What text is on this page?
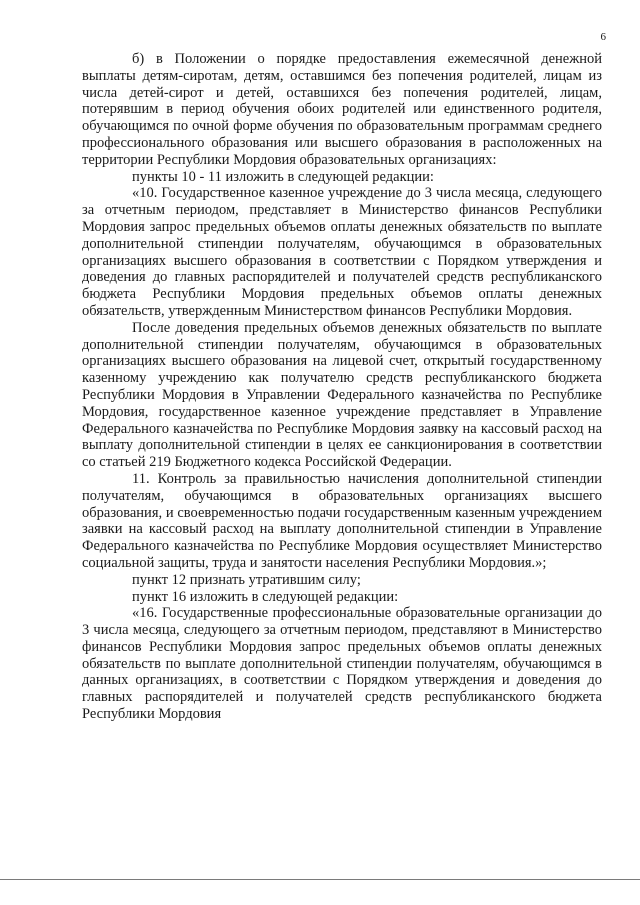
6

б) в Положении о порядке предоставления ежемесячной денежной выплаты детям-сиротам, детям, оставшимся без попечения родителей, лицам из числа детей-сирот и детей, оставшихся без попечения родителей, лицам, потерявшим в период обучения обоих родителей или единственного родителя, обучающимся по очной форме обучения по образовательным программам среднего профессионального образования или высшего образования в расположенных на территории Республики Мордовия образовательных организациях:

пункты 10 - 11 изложить в следующей редакции:

«10. Государственное казенное учреждение до 3 числа месяца, следующего за отчетным периодом, представляет в Министерство финансов Республики Мордовия запрос предельных объемов оплаты денежных обязательств по выплате дополнительной стипендии получателям, обучающимся в образовательных организациях высшего образования в соответствии с Порядком утверждения и доведения до главных распорядителей и получателей средств республиканского бюджета Республики Мордовия предельных объемов оплаты денежных обязательств, утвержденным Министерством финансов Республики Мордовия.

После доведения предельных объемов денежных обязательств по выплате дополнительной стипендии получателям, обучающимся в образовательных организациях высшего образования на лицевой счет, открытый государственному казенному учреждению как получателю средств республиканского бюджета Республики Мордовия в Управлении Федерального казначейства по Республике Мордовия, государственное казенное учреждение представляет в Управление Федерального казначейства по Республике Мордовия заявку на кассовый расход на выплату дополнительной стипендии в целях ее санкционирования в соответствии со статьей 219 Бюджетного кодекса Российской Федерации.

11. Контроль за правильностью начисления дополнительной стипендии получателям, обучающимся в образовательных организациях высшего образования, и своевременностью подачи государственным казенным учреждением заявки на кассовый расход на выплату дополнительной стипендии в Управление Федерального казначейства по Республике Мордовия осуществляет Министерство социальной защиты, труда и занятости населения Республики Мордовия.»;

пункт 12 признать утратившим силу;

пункт 16 изложить в следующей редакции:

«16. Государственные профессиональные образовательные организации до 3 числа месяца, следующего за отчетным периодом, представляют в Министерство финансов Республики Мордовия запрос предельных объемов оплаты денежных обязательств по выплате дополнительной стипендии получателям, обучающимся в данных организациях, в соответствии с Порядком утверждения и доведения до главных распорядителей и получателей средств республиканского бюджета Республики Мордовия
